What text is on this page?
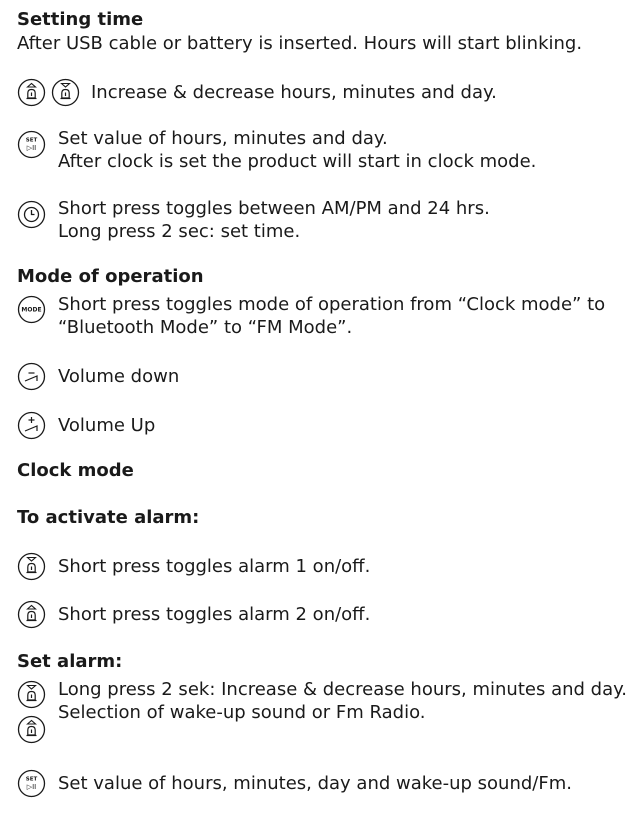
Setting time
After USB cable or battery is inserted. Hours will start blinking.
Increase & decrease hours, minutes and day.
SET
▷II Set value of hours, minutes and day.
After clock is set the product will start in clock mode.
Short press toggles between AM/PM and 24 hrs.
Long press 2 sec: set time.
Mode of operation
MODE Short press toggles mode of operation from “Clock mode” to
“Bluetooth Mode” to “FM Mode”.
Volume down
Volume Up
Clock mode
To activate alarm:
Short press toggles alarm 1 on/off.
Short press toggles alarm 2 on/off.
Set alarm:
Long press 2 sek: Increase & decrease hours, minutes and day.
Selection of wake-up sound or Fm Radio.
SET
▷II Set value of hours, minutes, day and wake-up sound/Fm.
